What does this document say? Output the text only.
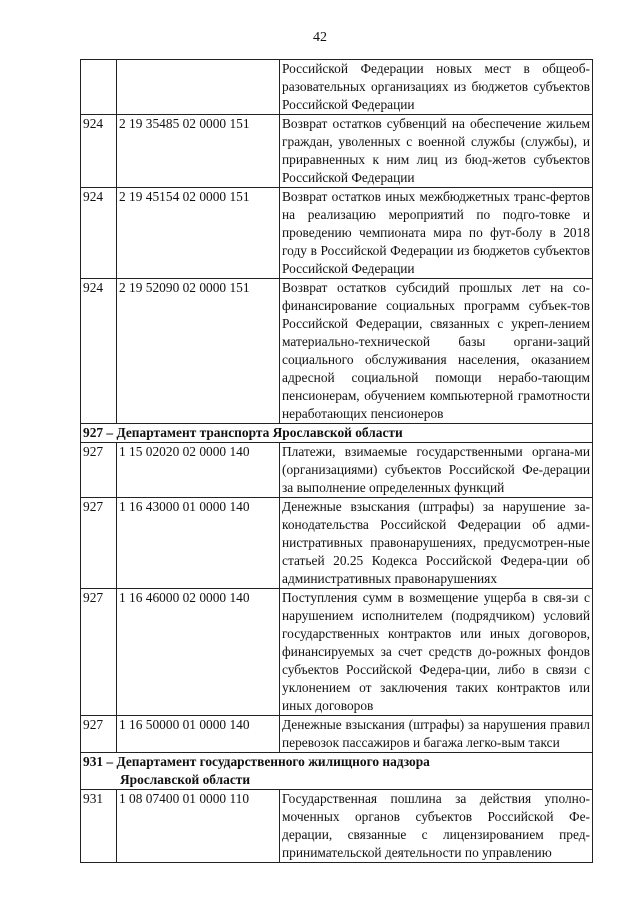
42
		Российской Федерации новых мест в общеоб-разовательных организациях из бюджетов субъектов Российской Федерации
924	2 19 35485 02 0000 151	Возврат остатков субвенций на обеспечение жильем граждан, уволенных с военной службы (службы), и приравненных к ним лиц из бюд-жетов субъектов Российской Федерации
924	2 19 45154 02 0000 151	Возврат остатков иных межбюджетных транс-фертов на реализацию мероприятий по подго-товке и проведению чемпионата мира по фут-болу в 2018 году в Российской Федерации из бюджетов субъектов Российской Федерации
924	2 19 52090 02 0000 151	Возврат остатков субсидий прошлых лет на со-финансирование социальных программ субъек-тов Российской Федерации, связанных с укреп-лением материально-технической базы органи-заций социального обслуживания населения, оказанием адресной социальной помощи нерабо-тающим пенсионерам, обучением компьютерной грамотности неработающих пенсионеров
927 – Департамент транспорта Ярославской области		
927	1 15 02020 02 0000 140	Платежи, взимаемые государственными органа-ми (организациями) субъектов Российской Фе-дерации за выполнение определенных функций
927	1 16 43000 01 0000 140	Денежные взыскания (штрафы) за нарушение за-конодательства Российской Федерации об адми-нистративных правонарушениях, предусмотрен-ные статьей 20.25 Кодекса Российской Федера-ции об административных правонарушениях
927	1 16 46000 02 0000 140	Поступления сумм в возмещение ущерба в свя-зи с нарушением исполнителем (подрядчиком) условий государственных контрактов или иных договоров, финансируемых за счет средств до-рожных фондов субъектов Российской Федера-ции, либо в связи с уклонением от заключения таких контрактов или иных договоров
927	1 16 50000 01 0000 140	Денежные взыскания (штрафы) за нарушения правил перевозок пассажиров и багажа легко-вым такси
931 – Департамент государственного жилищного надзора
Ярославской области		

931	1 08 07400 01 0000 110	Государственная пошлина за действия уполно-моченных органов субъектов Российской Фе-дерации, связанные с лицензированием пред-принимательской деятельности по управлению
